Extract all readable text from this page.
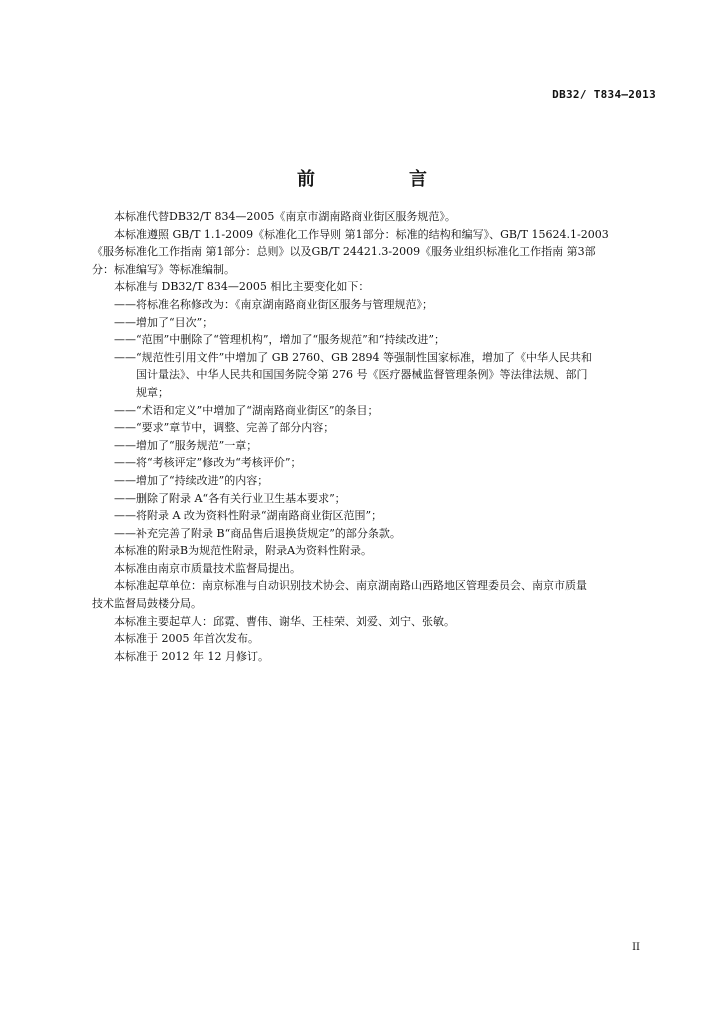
DB32/ T834—2013
前　言

本标准代替DB32/T 834—2005《南京市湖南路商业街区服务规范》。

本标准遵照 GB/T 1.1-2009《标准化工作导则 第1部分：标准的结构和编写》、GB/T 15624.1-2003

《服务标准化工作指南 第1部分：总则》以及GB/T 24421.3-2009《服务业组织标准化工作指南 第3部

分：标准编写》等标准编制。

本标准与 DB32/T 834—2005 相比主要变化如下：

——将标准名称修改为：《南京湖南路商业街区服务与管理规范》；

——增加了“目次”；

——“范围”中删除了“管理机构”，增加了“服务规范”和“持续改进”；

——“规范性引用文件”中增加了 GB 2760、GB 2894 等强制性国家标准，增加了《中华人民共和

国计量法》、中华人民共和国国务院令第 276 号《医疗器械监督管理条例》等法律法规、部门

规章；

——“术语和定义”中增加了“湖南路商业街区”的条目；

——“要求”章节中，调整、完善了部分内容；

——增加了“服务规范”一章；

——将“考核评定”修改为“考核评价”；

——增加了“持续改进”的内容；

——删除了附录 A“各有关行业卫生基本要求”；

——将附录 A 改为资料性附录“湖南路商业街区范围”；

——补充完善了附录 B“商品售后退换货规定”的部分条款。

本标准的附录B为规范性附录，附录A为资料性附录。

本标准由南京市质量技术监督局提出。

本标准起草单位：南京标准与自动识别技术协会、南京湖南路山西路地区管理委员会、南京市质量

技术监督局鼓楼分局。

本标准主要起草人：邱霓、曹伟、谢华、王桂荣、刘爱、刘宁、张敏。

本标准于 2005 年首次发布。

本标准于 2012 年 12 月修订。

II
